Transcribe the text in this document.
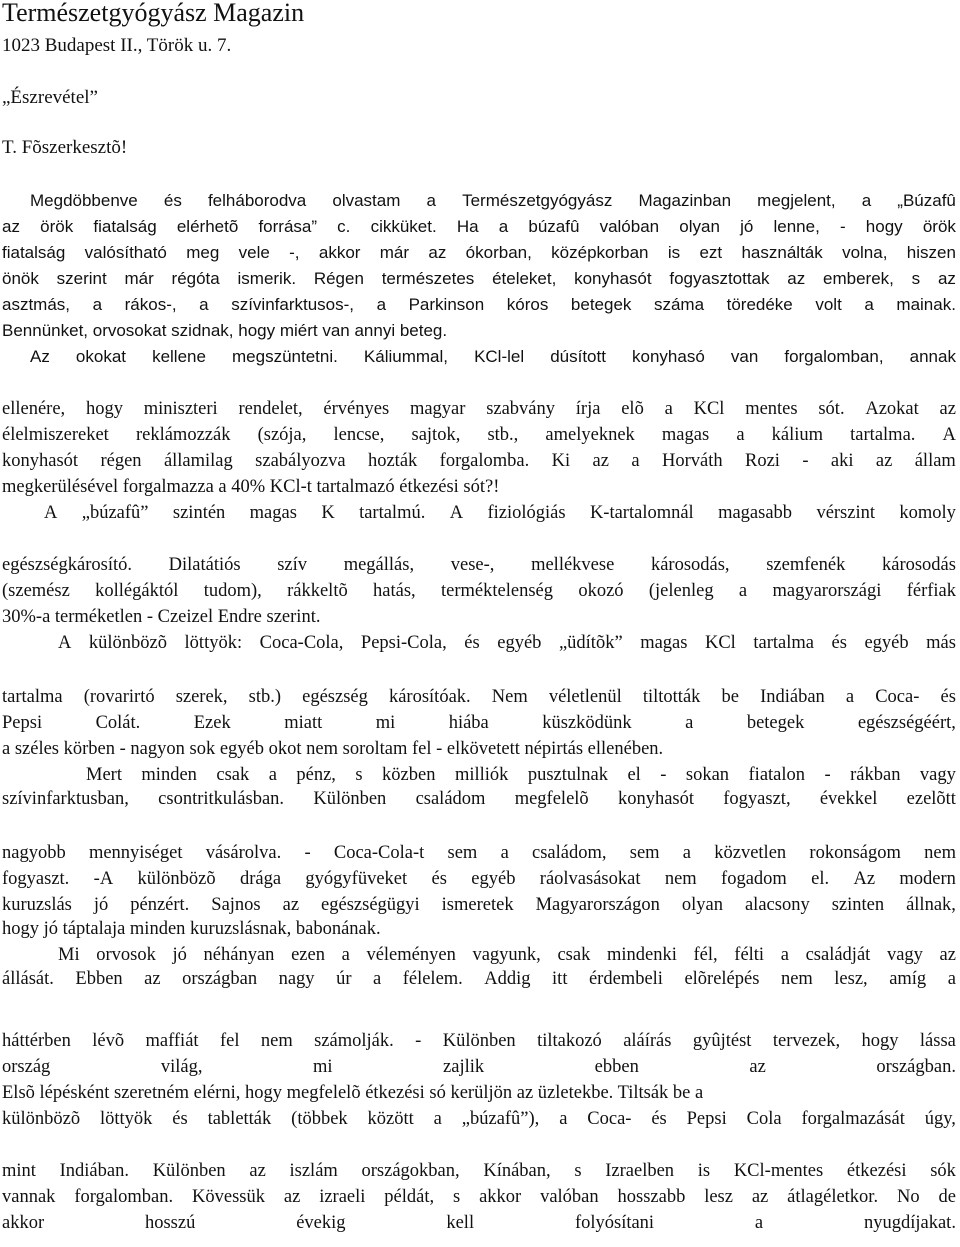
Természetgyógyász Magazin
1023 Budapest II., Török u. 7.
„Észrevétel”
T. Fõszerkesztõ!
Megdöbbenve és felháborodva olvastam a Természetgyógyász Magazinban megjelent, a „Búzafû
az örök fiatalság elérhetõ forrása” c. cikküket. Ha a búzafû valóban olyan jó lenne, - hogy örök
fiatalság valósítható meg vele -, akkor már az ókorban, középkorban is ezt használták volna, hiszen
önök szerint már régóta ismerik. Régen természetes ételeket, konyhasót fogyasztottak az emberek, s az
asztmás, a rákos-, a szívinfarktusos-, a Parkinson kóros betegek száma töredéke volt a mainak.
Bennünket, orvosokat szidnak, hogy miért van annyi beteg.
Az okokat kellene megszüntetni. Káliummal, KCl-lel dúsított konyhasó van forgalomban, annak
ellenére, hogy miniszteri rendelet, érvényes magyar szabvány írja elõ a KCl mentes sót. Azokat az
élelmiszereket reklámozzák (szója, lencse, sajtok, stb., amelyeknek magas a kálium tartalma. A
konyhasót régen államilag szabályozva hozták forgalomba. Ki az a Horváth Rozi - aki az állam
megkerülésével forgalmazza a 40% KCl-t tartalmazó étkezési sót?!
A „búzafû” szintén magas K tartalmú. A fiziológiás K-tartalomnál magasabb vérszint komoly
egészségkárosító. Dilatátiós szív megállás, vese-, mellékvese károsodás, szemfenék károsodás
(szemész kollégáktól tudom), rákkeltõ hatás, terméktelenség okozó (jelenleg a magyarországi férfiak
30%-a terméketlen - Czeizel Endre szerint.
A különbözõ löttyök: Coca-Cola, Pepsi-Cola, és egyéb „üdítõk” magas KCl tartalma és egyéb más
tartalma (rovarirtó szerek, stb.) egészség károsítóak. Nem véletlenül tiltották be Indiában a Coca- és
Pepsi	Colát.	Ezek	miatt	mi	hiába	küszködünk	a	betegek	egészségéért,
a széles körben - nagyon sok egyéb okot nem soroltam fel - elkövetett népirtás ellenében.
Mert minden csak a pénz, s közben milliók pusztulnak el - sokan fiatalon - rákban vagy
szívinfarktusban, csontritkulásban. Különben családom megfelelõ konyhasót fogyaszt, évekkel ezelõtt
nagyobb mennyiséget vásárolva. - Coca-Cola-t sem a családom, sem a közvetlen rokonságom nem
fogyaszt. -A különbözõ drága gyógyfüveket és egyéb ráolvasásokat nem fogadom el. Az modern
kuruzslás jó pénzért. Sajnos az egészségügyi ismeretek Magyarországon olyan alacsony szinten állnak,
hogy jó táptalaja minden kuruzslásnak, babonának.
Mi orvosok jó néhányan ezen a véleményen vagyunk, csak mindenki fél, félti a családját vagy az
állását. Ebben az országban nagy úr a félelem. Addig itt érdembeli elõrelépés nem lesz, amíg a
háttérben lévõ maffiát fel nem számolják. - Különben tiltakozó aláírás gyûjtést tervezek, hogy lássa
ország	világ,	mi	zajlik	ebben	az	országban.
Elsõ lépésként szeretném elérni, hogy megfelelõ étkezési só kerüljön az üzletekbe. Tiltsák be a
különbözõ löttyök és tabletták (többek között a „búzafû”), a Coca- és Pepsi Cola forgalmazását úgy,
mint Indiában. Különben az iszlám országokban, Kínában, s Izraelben is KCl-mentes étkezési sók
vannak forgalomban. Kövessük az izraeli példát, s akkor valóban hosszabb lesz az átlagéletkor. No de
akkor	hosszú	évekig	kell	folyósítani	a	nyugdíjakat.
